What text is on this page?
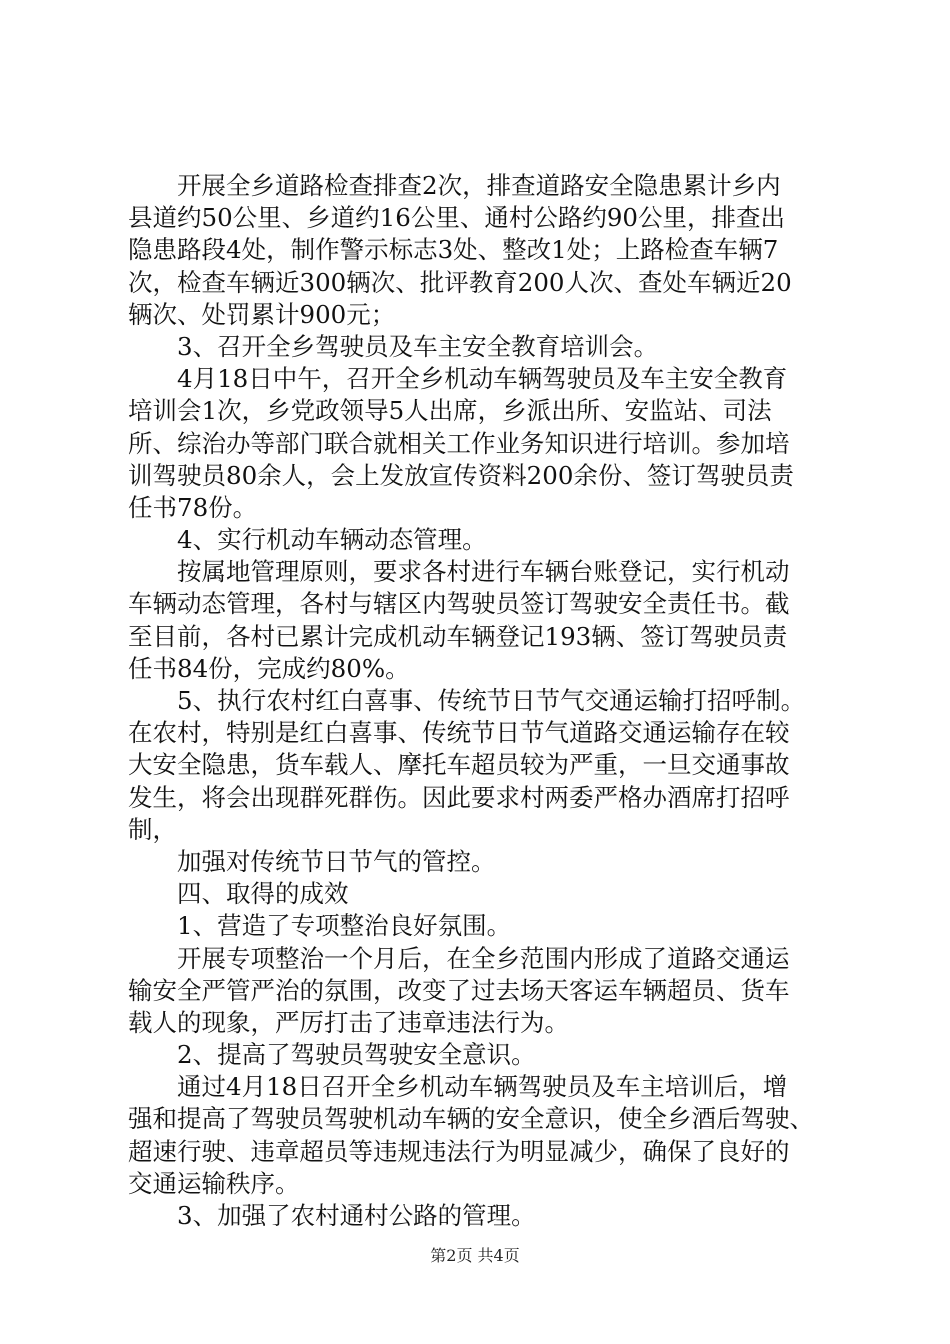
　　开展全乡道路检查排查2次，排查道路安全隐患累计乡内
县道约50公里、乡道约16公里、通村公路约90公里，排查出
隐患路段4处，制作警示标志3处、整改1处；上路检查车辆7
次，检查车辆近300辆次、批评教育200人次、查处车辆近20
辆次、处罚累计900元；
　　3、召开全乡驾驶员及车主安全教育培训会。
　　4月18日中午，召开全乡机动车辆驾驶员及车主安全教育
培训会1次，乡党政领导5人出席，乡派出所、安监站、司法
所、综治办等部门联合就相关工作业务知识进行培训。参加培
训驾驶员80余人，会上发放宣传资料200余份、签订驾驶员责
任书78份。
　　4、实行机动车辆动态管理。
　　按属地管理原则，要求各村进行车辆台账登记，实行机动
车辆动态管理，各村与辖区内驾驶员签订驾驶安全责任书。截
至目前，各村已累计完成机动车辆登记193辆、签订驾驶员责
任书84份，完成约80%。
　　5、执行农村红白喜事、传统节日节气交通运输打招呼制。
在农村，特别是红白喜事、传统节日节气道路交通运输存在较
大安全隐患，货车载人、摩托车超员较为严重，一旦交通事故
发生，将会出现群死群伤。因此要求村两委严格办酒席打招呼
制，
　　加强对传统节日节气的管控。
　　四、取得的成效
　　1、营造了专项整治良好氛围。
　　开展专项整治一个月后，在全乡范围内形成了道路交通运
输安全严管严治的氛围，改变了过去场天客运车辆超员、货车
载人的现象，严厉打击了违章违法行为。
　　2、提高了驾驶员驾驶安全意识。
　　通过4月18日召开全乡机动车辆驾驶员及车主培训后，增
强和提高了驾驶员驾驶机动车辆的安全意识，使全乡酒后驾驶、
超速行驶、违章超员等违规违法行为明显减少，确保了良好的
交通运输秩序。
　　3、加强了农村通村公路的管理。
第2页 共4页
